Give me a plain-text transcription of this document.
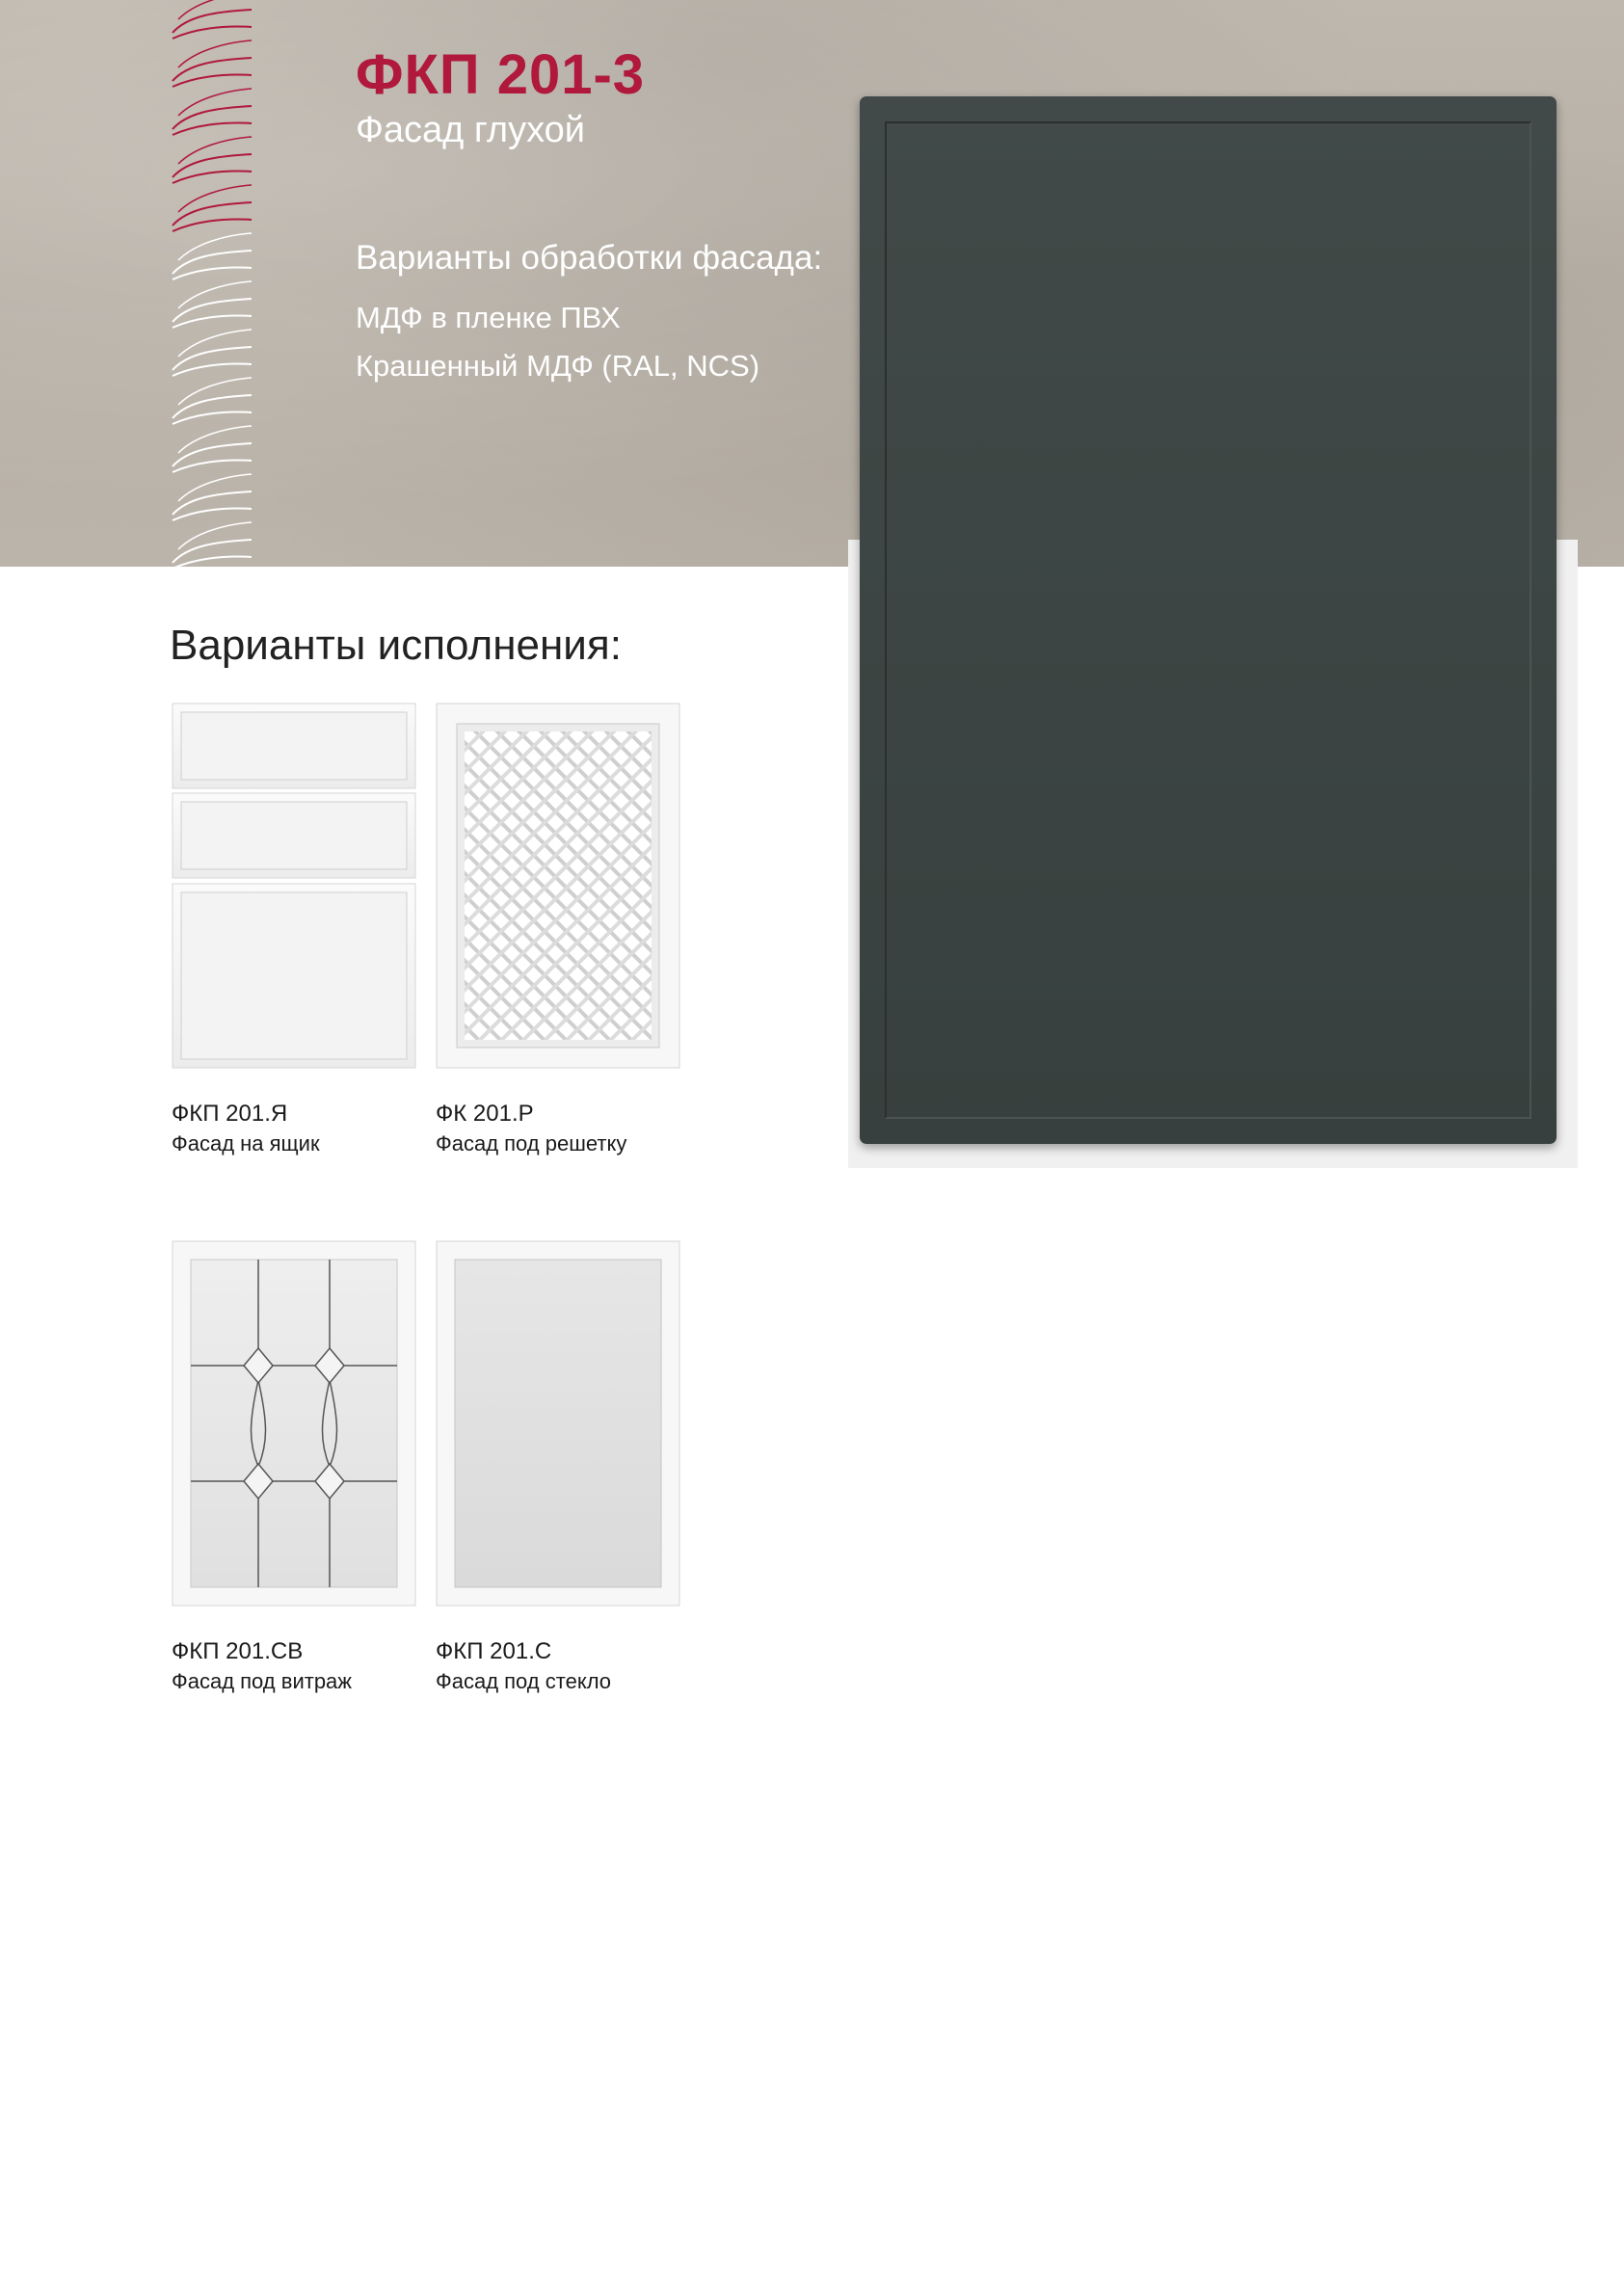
ФКП 201-3
Фасад глухой
Варианты обработки фасада:
МДФ в пленке ПВХ
Крашенный МДФ (RAL, NCS)
Варианты исполнения:
ФКП 201.Я
Фасад на ящик
ФК 201.Р
Фасад под решетку
ФКП 201.СВ
Фасад под витраж
ФКП 201.С
Фасад под стекло
